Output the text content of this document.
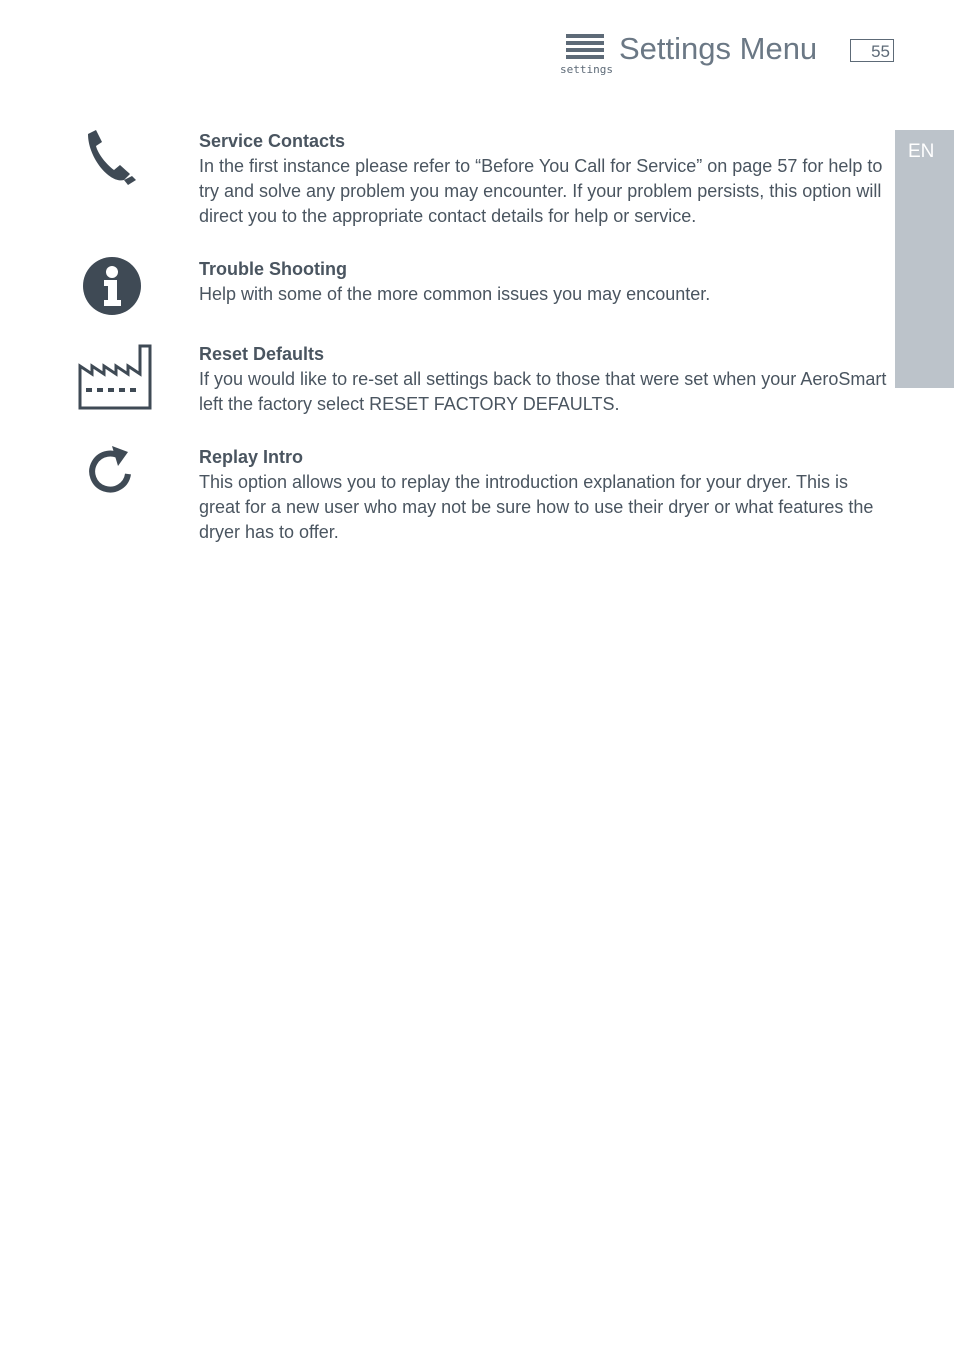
settings
Settings Menu	55
EN
Service Contacts

In the first instance please refer to “Before You Call for Service” on page 57 for help to try and solve any problem you may encounter. If your problem persists, this option will direct you to the appropriate contact details for help or service.

Trouble Shooting

Help with some of the more common issues you may encounter.

Reset Defaults

If you would like to re-set all settings back to those that were set when your AeroSmart left the factory select RESET FACTORY DEFAULTS.

Replay Intro

This option allows you to replay the introduction explanation for your dryer. This is great for a new user who may not be sure how to use their dryer or what features the dryer has to offer.
